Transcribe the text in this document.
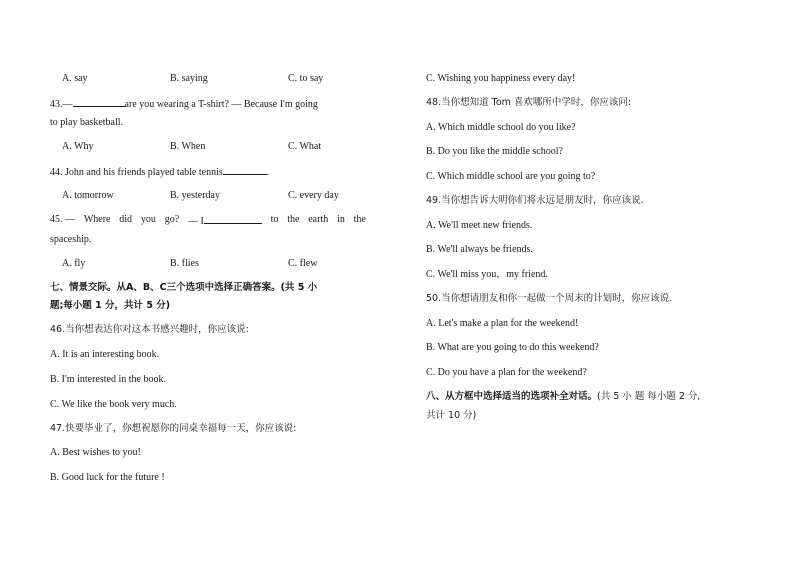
A. say	B. saying	C. to say
43.—	are you wearing a T-shirt? — Because I'm going
to play basketball.
A. Why	B. When	C. What
44. John and his friends played table tennis	.
A. tomorrow	B. yesterday	C. every day
45. — Where did you go? — I	to the earth in the
spaceship.
A. fly	B. flies	C. flew
七、情景交际。从A、B、C三个选项中选择正确答案。(共 5 小
题;每小题 1 分，共计 5 分)
46.当你想表达你对这本书感兴趣时，你应该说:
A. It is an interesting book.
B. I'm interested in the book.
C. We like the book very much.
47.快要毕业了，你想祝愿你的同桌幸福每一天，你应该说:
A. Best wishes to you!
B. Good luck for the future !
C. Wishing you happiness every day!
48.当你想知道 Tom 喜欢哪所中学时，你应该问:
A. Which middle school do you like?
B. Do you like the middle school?
C. Which middle school are you going to?
49.当你想告诉大明你们将永远是朋友时，你应该说.
A. We'll meet new friends.
B. We'll always be friends.
C. We'll miss you，my friend.
50.当你想请朋友和你一起做一个周末的计划时，你应该说.
A. Let's make a plan for the weekend!
B. What are you going to do this weekend?
C. Do you have a plan for the weekend?
八、从方框中选择适当的选项补全对话。(共 5 小 题 每小题 2 分,
共计 10 分)
